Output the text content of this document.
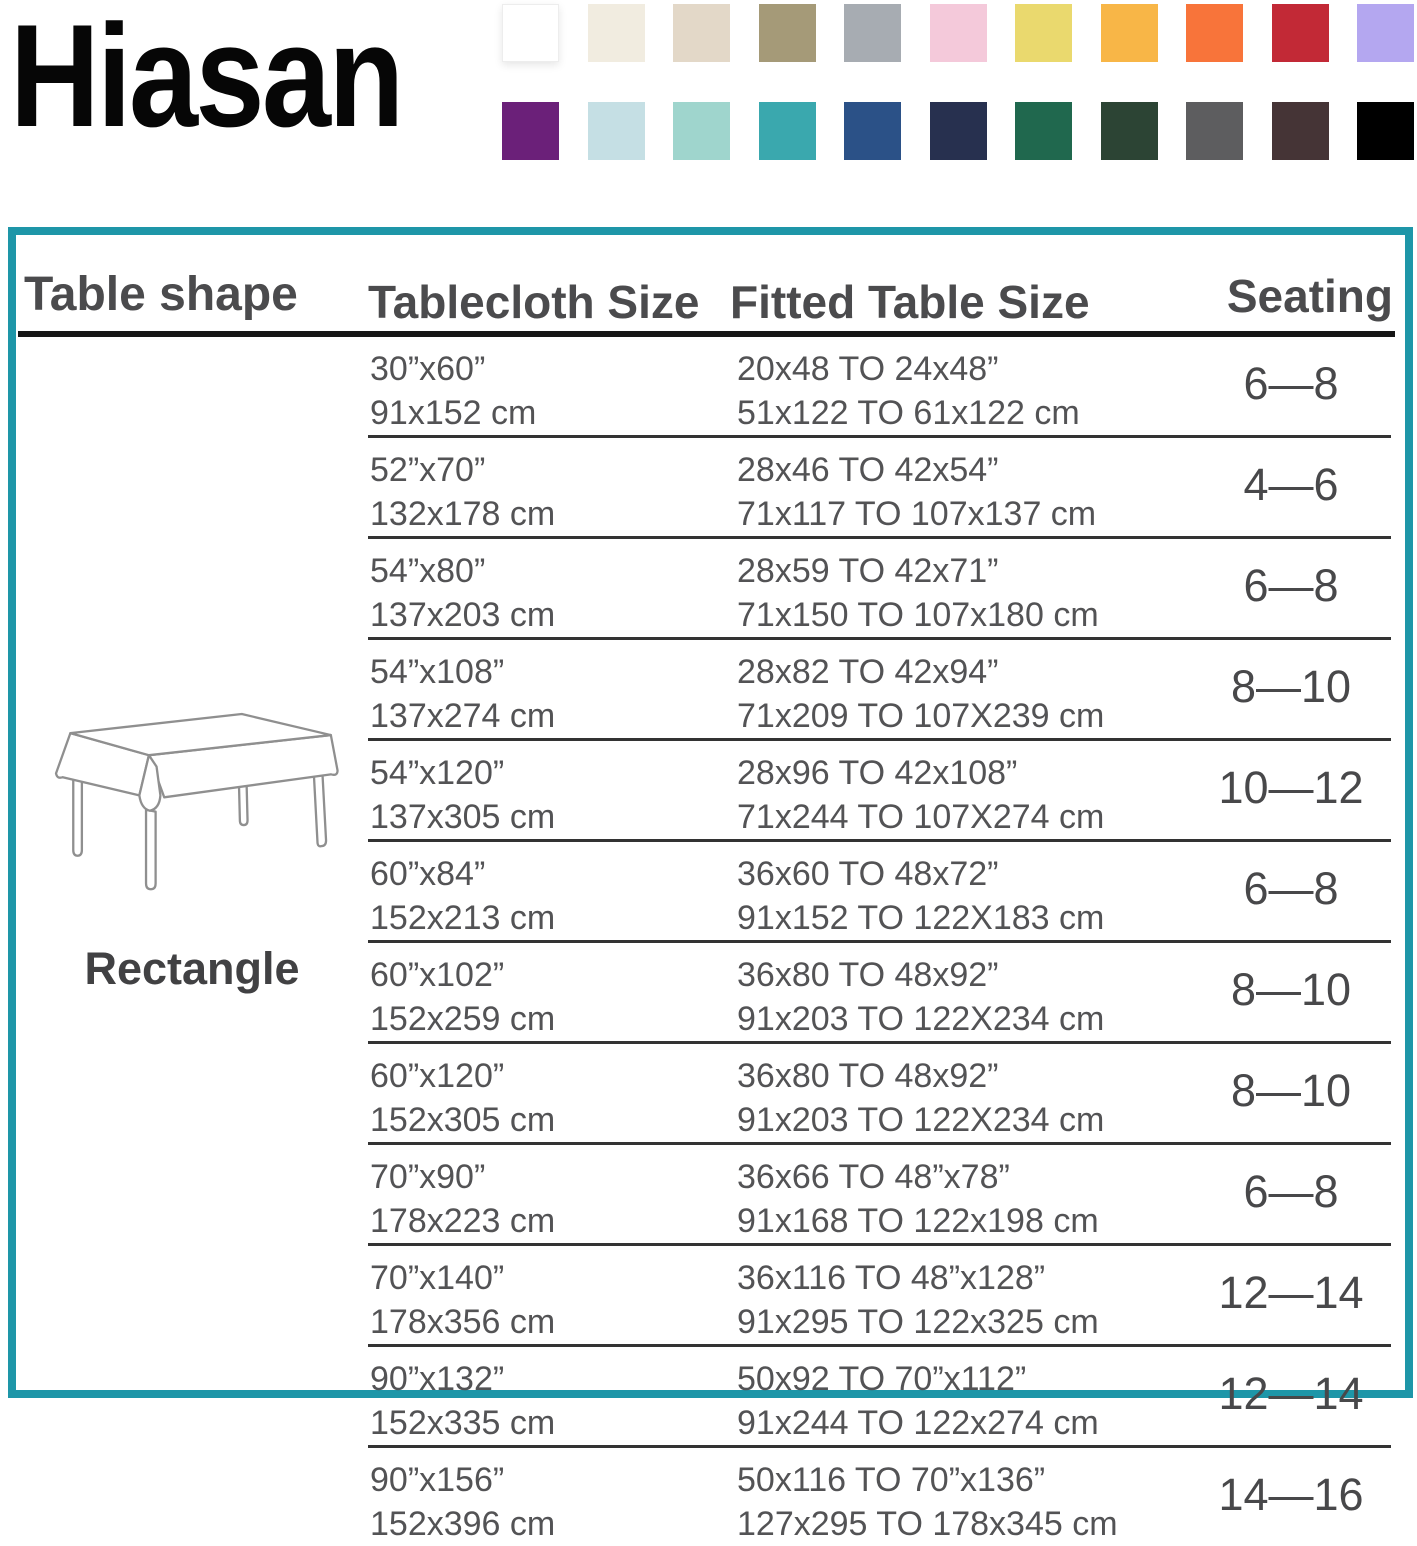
Hiasan
Table shape Tablecloth Size Fitted Table Size	Seating
Rectangle
30”x60”
91x152 cm
20x48 TO 24x48”
51x122 TO 61x122 cm
6—8
52”x70”
132x178 cm
28x46 TO 42x54”
71x117 TO 107x137 cm
4—6
54”x80”
137x203 cm
28x59 TO 42x71”
71x150 TO 107x180 cm
6—8
54”x108”
137x274 cm
28x82 TO 42x94”
71x209 TO 107X239 cm
8—10
54”x120”
137x305 cm
28x96 TO 42x108”
71x244 TO 107X274 cm
10—12
60”x84”
152x213 cm
36x60 TO 48x72”
91x152 TO 122X183 cm
6—8
60”x102”
152x259 cm
36x80 TO 48x92”
91x203 TO 122X234 cm
8—10
60”x120”
152x305 cm
36x80 TO 48x92”
91x203 TO 122X234 cm
8—10
70”x90”
178x223 cm
36x66 TO 48”x78”
91x168 TO 122x198 cm
6—8
70”x140”
178x356 cm
36x116 TO 48”x128”
91x295 TO 122x325 cm
12—14
90”x132”
152x335 cm
50x92 TO 70”x112”
91x244 TO 122x274 cm
12—14
90”x156”
152x396 cm
50x116 TO 70”x136”
127x295 TO 178x345 cm
14—16
